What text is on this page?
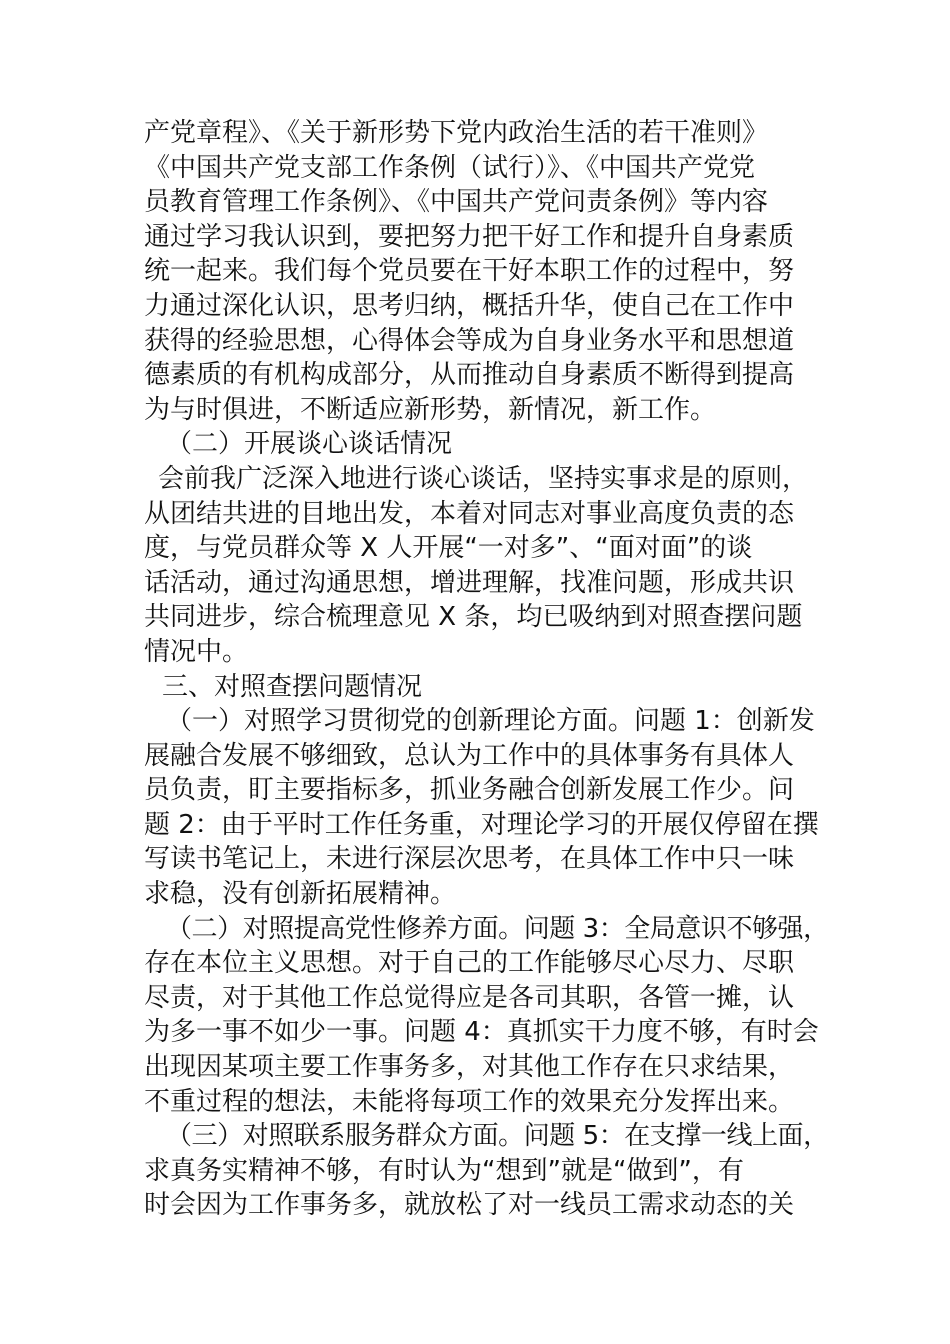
产党章程》、《关于新形势下党内政治生活的若干准则》
《中国共产党支部工作条例（试行）》、《中国共产党党
员教育管理工作条例》、《中国共产党问责条例》等内容
通过学习我认识到，要把努力把干好工作和提升自身素质
统一起来。我们每个党员要在干好本职工作的过程中，努
力通过深化认识，思考归纳，概括升华，使自己在工作中
获得的经验思想，心得体会等成为自身业务水平和思想道
德素质的有机构成部分，从而推动自身素质不断得到提高
为与时俱进，不断适应新形势，新情况，新工作。
（二）开展谈心谈话情况
会前我广泛深入地进行谈心谈话，坚持实事求是的原则，
从团结共进的目地出发，本着对同志对事业高度负责的态
度，与党员群众等 X 人开展“一对多”、“面对面”的谈
话活动，通过沟通思想，增进理解，找准问题，形成共识
共同进步，综合梳理意见 X 条，均已吸纳到对照查摆问题
情况中。
三、对照查摆问题情况
（一）对照学习贯彻党的创新理论方面。问题 1：创新发
展融合发展不够细致，总认为工作中的具体事务有具体人
员负责，盯主要指标多，抓业务融合创新发展工作少。问
题 2：由于平时工作任务重，对理论学习的开展仅停留在撰
写读书笔记上，未进行深层次思考，在具体工作中只一味
求稳，没有创新拓展精神。
（二）对照提高党性修养方面。问题 3：全局意识不够强，
存在本位主义思想。对于自己的工作能够尽心尽力、尽职
尽责，对于其他工作总觉得应是各司其职，各管一摊，认
为多一事不如少一事。问题 4：真抓实干力度不够，有时会
出现因某项主要工作事务多，对其他工作存在只求结果，
不重过程的想法，未能将每项工作的效果充分发挥出来。
（三）对照联系服务群众方面。问题 5：在支撑一线上面，
求真务实精神不够，有时认为“想到”就是“做到”，有
时会因为工作事务多，就放松了对一线员工需求动态的关
